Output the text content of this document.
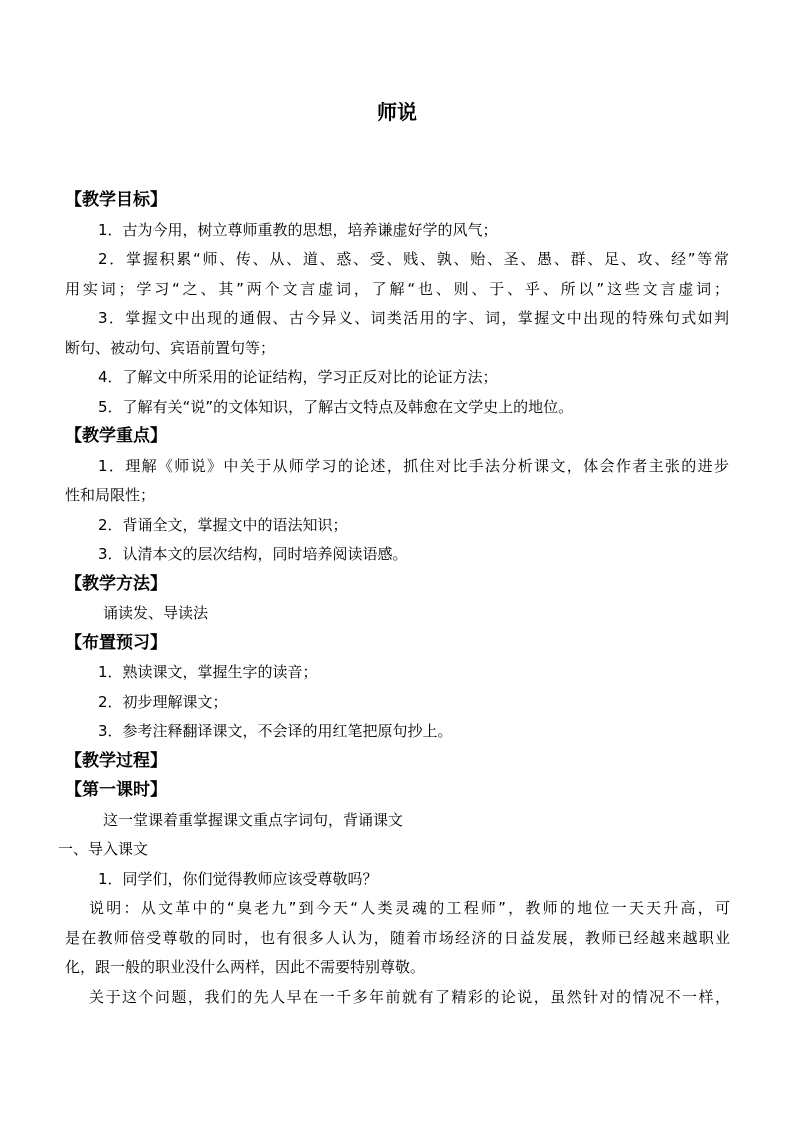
师说
【教学目标】
1．古为今用，树立尊师重教的思想，培养谦虚好学的风气；
2．掌握积累“师、传、从、道、惑、受、贱、孰、贻、圣、愚、群、足、攻、经”等常
用实词；学习“之、其”两个文言虚词，了解“也、则、于、乎、所以”这些文言虚词；
3．掌握文中出现的通假、古今异义、词类活用的字、词，掌握文中出现的特殊句式如判
断句、被动句、宾语前置句等；
4．了解文中所采用的论证结构，学习正反对比的论证方法；
5．了解有关“说”的文体知识，了解古文特点及韩愈在文学史上的地位。
【教学重点】
1．理解《师说》中关于从师学习的论述，抓住对比手法分析课文，体会作者主张的进步
性和局限性；
2．背诵全文，掌握文中的语法知识；
3．认清本文的层次结构，同时培养阅读语感。
【教学方法】
诵读发、导读法
【布置预习】
1．熟读课文，掌握生字的读音；
2．初步理解课文；
3．参考注释翻译课文，不会译的用红笔把原句抄上。
【教学过程】
【第一课时】
这一堂课着重掌握课文重点字词句，背诵课文
一、导入课文
1．同学们，你们觉得教师应该受尊敬吗？
说明：从文革中的“臭老九”到今天“人类灵魂的工程师”，教师的地位一天天升高，可
是在教师倍受尊敬的同时，也有很多人认为，随着市场经济的日益发展，教师已经越来越职业
化，跟一般的职业没什么两样，因此不需要特别尊敬。
关于这个问题，我们的先人早在一千多年前就有了精彩的论说，虽然针对的情况不一样，
